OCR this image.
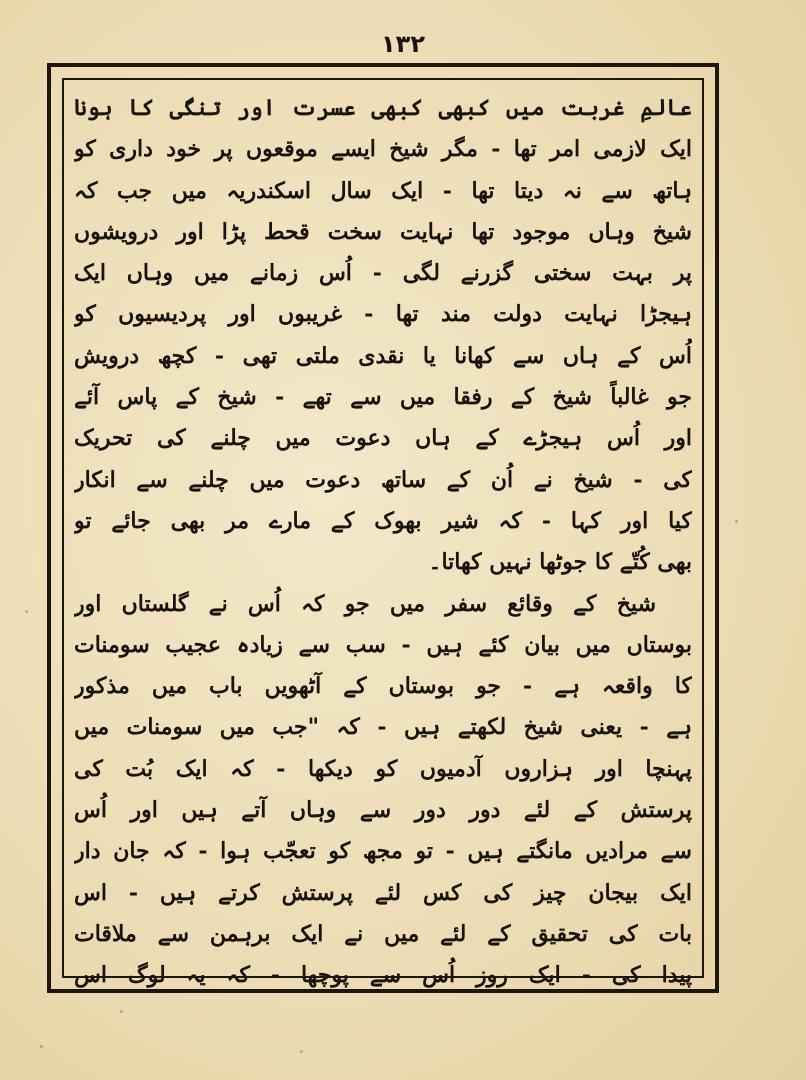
۱۳۲
عالمِ غربت میں کبھی کبھی عسرت اور تنگی کا ہونا
ایک لازمی امر تھا - مگر شیخ ایسے موقعوں پر خود داری کو
ہاتھ سے نہ دیتا تھا - ایک سال اسکندریہ میں جب کہ
شیخ وہاں موجود تھا نہایت سخت قحط پڑا اور درویشوں
پر بہت سختی گزرنے لگی - اُس زمانے میں وہاں ایک
ہیجڑا نہایت دولت مند تھا - غریبوں اور پردیسیوں کو
اُس کے ہاں سے کھانا یا نقدی ملتی تھی - کچھ درویش
جو غالباً شیخ کے رفقا میں سے تھے - شیخ کے پاس آئے
اور اُس ہیجڑے کے ہاں دعوت میں چلنے کی تحریک
کی - شیخ نے اُن کے ساتھ دعوت میں چلنے سے انکار
کیا اور کہا - کہ شیر بھوک کے مارے مر بھی جائے تو
بھی کُتّے کا جوٹھا نہیں کھاتا۔
شیخ کے وقائع سفر میں جو کہ اُس نے گلستاں اور
بوستاں میں بیان کئے ہیں - سب سے زیادہ عجیب سومنات
کا واقعہ ہے - جو بوستاں کے آٹھویں باب میں مذکور
ہے - یعنی شیخ لکھتے ہیں - کہ "جب میں سومنات میں
پہنچا اور ہزاروں آدمیوں کو دیکھا - کہ ایک بُت کی
پرستش کے لئے دور دور سے وہاں آتے ہیں اور اُس
سے مرادیں مانگتے ہیں - تو مجھ کو تعجّب ہوا - کہ جان دار
ایک بیجان چیز کی کس لئے پرستش کرتے ہیں - اس
بات کی تحقیق کے لئے میں نے ایک برہمن سے ملاقات
پیدا کی - ایک روز اُس سے پوچھا - کہ یہ لوگ اس
